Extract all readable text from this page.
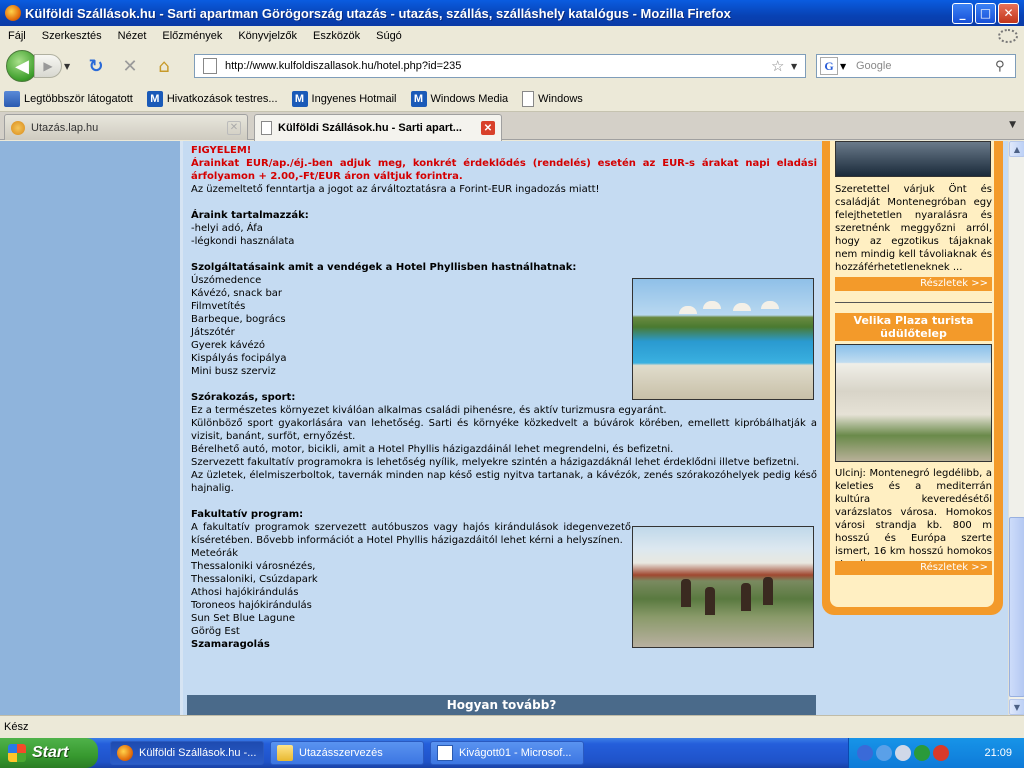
Külföldi Szállások.hu - Sarti apartman Görögország utazás - utazás, szállás, szálláshely katalógus - Mozilla Firefox	_	□	✕
Fájl	Szerkesztés	Nézet	Előzmények	Könyvjelzők	Eszközök	Súgó
◀	▶	▼ ↻ ✕	⌂	http://www.kulfoldiszallasok.hu/hotel.php?id=235	☆ ▼	G ▼ Google	⚲
Legtöbbször látogatott	M Hivatkozások testres...	M Ingyenes Hotmail	M Windows Media	Windows
Utazás.lap.hu	✕	Külföldi Szállások.hu - Sarti apart...	✕	▼

FIGYELEM!

Árainkat EUR/ap./éj.-ben adjuk meg, konkrét érdeklődés (rendelés) esetén az EUR-s árakat napi eladási árfolyamon + 2.00,-Ft/EUR áron váltjuk forintra.

Az üzemeltető fenntartja a jogot az árváltoztatásra a Forint-EUR ingadozás miatt!

Áraink tartalmazzák:

-helyi adó, Áfa

-légkondi használata

Szolgáltatásaink amit a vendégek a Hotel Phyllisben hastnálhatnak:

Úszómedence

Kávézó, snack bar

Filmvetítés

Barbeque, bogrács

Játszótér

Gyerek kávézó

Kispályás focipálya

Mini busz szerviz

Szórakozás, sport:

Ez a természetes környezet kiválóan alkalmas családi pihenésre, és aktív turizmusra egyaránt.

Különböző sport gyakorlására van lehetőség. Sarti és környéke közkedvelt a búvárok körében, emellett kipróbálhatják a vizisit, banánt, surföt, ernyőzést.

Bérelhető autó, motor, bicikli, amit a Hotel Phyllis házigazdáinál lehet megrendelni, és befizetni.

Szervezett fakultatív programokra is lehetőség nyílik, melyekre szintén a házigazdáknál lehet érdeklődni illetve befizetni.

Az üzletek, élelmiszerboltok, tavernák minden nap késő estig nyitva tartanak, a kávézók, zenés szórakozóhelyek pedig késő hajnalig.

Fakultatív program:

A fakultatív programok szervezett autóbuszos vagy hajós kirándulások idegenvezető kíséretében. Bővebb információt a Hotel Phyllis házigazdáitól lehet kérni a helyszínen.

Meteórák

Thessaloniki városnézés,

Thessaloniki, Csúzdapark

Athosi hajókirándulás

Toroneos hajókirándulás

Sun Set Blue Lagune

Görög Est

Szamaragolás

Hogyan tovább?

Szeretettel várjuk Önt és családját Montenegróban egy felejthetetlen nyaralásra és szeretnénk meggyőzni arról, hogy az egzotikus tájaknak nem mindig kell távoliaknak és hozzáférhetetleneknek ...

Részletek >>
Velika Plaza turista üdülőtelep

Ulcinj: Montenegró legdélibb, a keleties és a mediterrán kultúra keveredésétől varázslatos városa. Homokos városi strandja kb. 800 m hosszú és Európa szerte ismert, 16 km hosszú homokos

Részletek >>
▲
▼
Kész
Start	Külföldi Szállások.hu -...	Utazásszervezés	Kivágott01 - Microsof...	21:09
